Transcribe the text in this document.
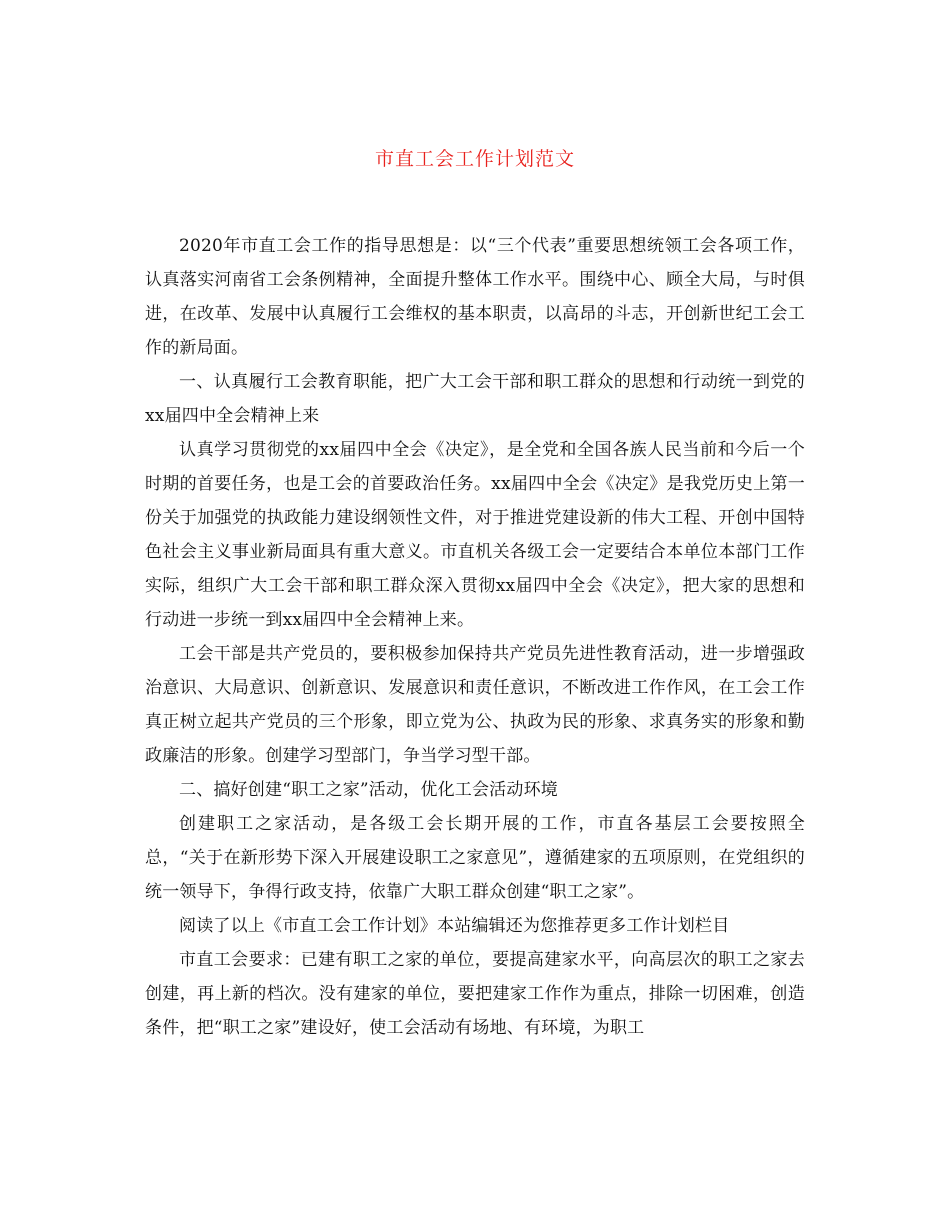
市直工会工作计划范文

2020年市直工会工作的指导思想是：以“三个代表”重要思想统领工会各项工作，认真落实河南省工会条例精神，全面提升整体工作水平。围绕中心、顾全大局，与时俱进，在改革、发展中认真履行工会维权的基本职责，以高昂的斗志，开创新世纪工会工作的新局面。

一、认真履行工会教育职能，把广大工会干部和职工群众的思想和行动统一到党的xx届四中全会精神上来

认真学习贯彻党的xx届四中全会《决定》，是全党和全国各族人民当前和今后一个时期的首要任务，也是工会的首要政治任务。xx届四中全会《决定》是我党历史上第一份关于加强党的执政能力建设纲领性文件，对于推进党建设新的伟大工程、开创中国特色社会主义事业新局面具有重大意义。市直机关各级工会一定要结合本单位本部门工作实际，组织广大工会干部和职工群众深入贯彻xx届四中全会《决定》，把大家的思想和行动进一步统一到xx届四中全会精神上来。

工会干部是共产党员的，要积极参加保持共产党员先进性教育活动，进一步增强政治意识、大局意识、创新意识、发展意识和责任意识，不断改进工作作风，在工会工作真正树立起共产党员的三个形象，即立党为公、执政为民的形象、求真务实的形象和勤政廉洁的形象。创建学习型部门，争当学习型干部。

二、搞好创建“职工之家”活动，优化工会活动环境

创建职工之家活动，是各级工会长期开展的工作，市直各基层工会要按照全总，“关于在新形势下深入开展建设职工之家意见”，遵循建家的五项原则，在党组织的统一领导下，争得行政支持，依靠广大职工群众创建“职工之家”。

阅读了以上《市直工会工作计划》本站编辑还为您推荐更多工作计划栏目

市直工会要求：已建有职工之家的单位，要提高建家水平，向高层次的职工之家去创建，再上新的档次。没有建家的单位，要把建家工作作为重点，排除一切困难，创造条件，把“职工之家”建设好，使工会活动有场地、有环境，为职工
